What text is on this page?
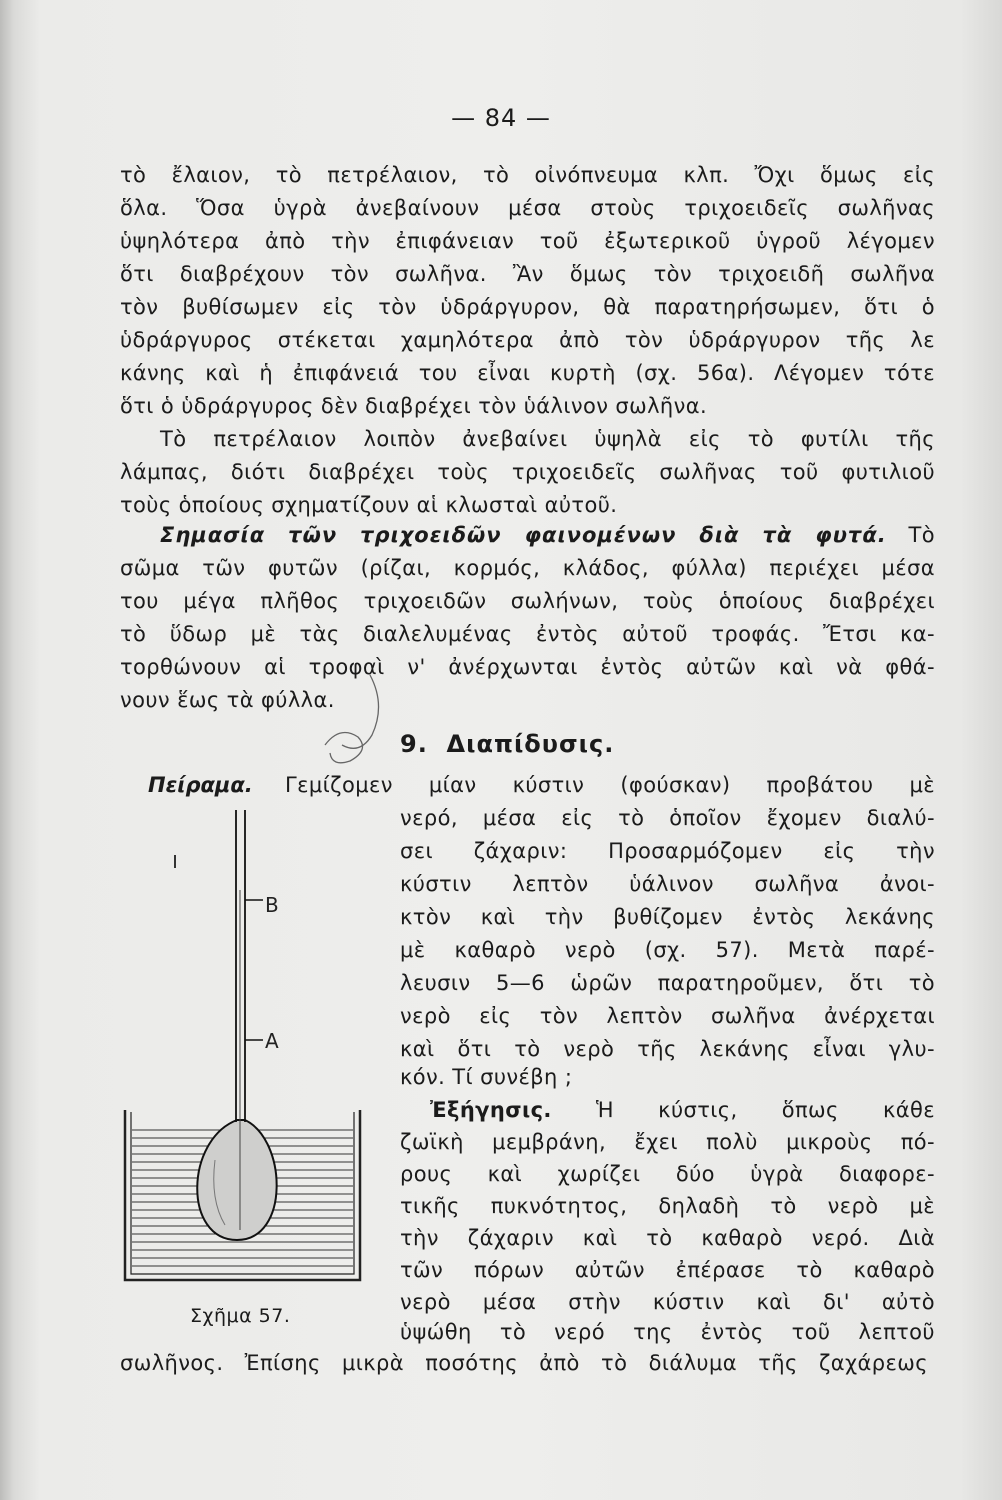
— 84 —
τὸ ἔλαιον, τὸ πετρέλαιον, τὸ οἰνόπνευμα κλπ. Ὄχι ὅμως εἰς
ὅλα. Ὅσα ὑγρὰ ἀνεβαίνουν μέσα στοὺς τριχοειδεῖς σωλῆνας
ὑψηλότερα ἀπὸ τὴν ἐπιφάνειαν τοῦ ἐξωτερικοῦ ὑγροῦ λέγομεν
ὅτι διαβρέχουν τὸν σωλῆνα. Ἂν ὅμως τὸν τριχοειδῆ σωλῆνα
τὸν βυθίσωμεν εἰς τὸν ὑδράργυρον, θὰ παρατηρήσωμεν, ὅτι ὁ
ὑδράργυρος στέκεται χαμηλότερα ἀπὸ τὸν ὑδράργυρον τῆς λε
κάνης καὶ ἡ ἐπιφάνειά του εἶναι κυρτὴ (σχ. 56α). Λέγομεν τότε
ὅτι ὁ ὑδράργυρος δὲν διαβρέχει τὸν ὑάλινον σωλῆνα.
Τὸ πετρέλαιον λοιπὸν ἀνεβαίνει ὑψηλὰ εἰς τὸ φυτίλι τῆς
λάμπας, διότι διαβρέχει τοὺς τριχοειδεῖς σωλῆνας τοῦ φυτιλιοῦ
τοὺς ὁποίους σχηματίζουν αἱ κλωσταὶ αὐτοῦ.
Σημασία τῶν τριχοειδῶν φαινομένων διὰ τὰ φυτά. Τὸ
σῶμα τῶν φυτῶν (ρίζαι, κορμός, κλάδος, φύλλα) περιέχει μέσα
του μέγα πλῆθος τριχοειδῶν σωλήνων, τοὺς ὁποίους διαβρέχει
τὸ ὕδωρ μὲ τὰς διαλελυμένας ἐντὸς αὐτοῦ τροφάς. Ἔτσι κα-
τορθώνουν αἱ τροφαὶ ν' ἀνέρχωνται ἐντὸς αὐτῶν καὶ νὰ φθά-
νουν ἕως τὰ φύλλα.
9. Διαπίδυσις.
Πείραμα. Γεμίζομεν μίαν κύστιν (φούσκαν) προβάτου μὲ
νερό, μέσα εἰς τὸ ὁποῖον ἔχομεν διαλύ-
σει ζάχαριν: Προσαρμόζομεν εἰς τὴν
κύστιν λεπτὸν ὑάλινον σωλῆνα ἀνοι-
κτὸν καὶ τὴν βυθίζομεν ἐντὸς λεκάνης
μὲ καθαρὸ νερὸ (σχ. 57). Μετὰ παρέ-
λευσιν 5—6 ὡρῶν παρατηροῦμεν, ὅτι τὸ
νερὸ εἰς τὸν λεπτὸν σωλῆνα ἀνέρχεται
καὶ ὅτι τὸ νερὸ τῆς λεκάνης εἶναι γλυ-
κόν. Τί συνέβη ;
Ἐξήγησις. Ἡ κύστις, ὅπως κάθε
ζωϊκὴ μεμβράνη, ἔχει πολὺ μικροὺς πό-
ρους καὶ χωρίζει δύο ὑγρὰ διαφορε-
τικῆς πυκνότητος, δηλαδὴ τὸ νερὸ μὲ
τὴν ζάχαριν καὶ τὸ καθαρὸ νερό. Διὰ
τῶν πόρων αὐτῶν ἐπέρασε τὸ καθαρὸ
νερὸ μέσα στὴν κύστιν καὶ δι' αὐτὸ
ὑψώθη τὸ νερό της ἐντὸς τοῦ λεπτοῦ
σωλῆνος. Ἐπίσης μικρὰ ποσότης ἀπὸ τὸ διάλυμα τῆς ζαχάρεως
B
A
Σχῆμα 57.
